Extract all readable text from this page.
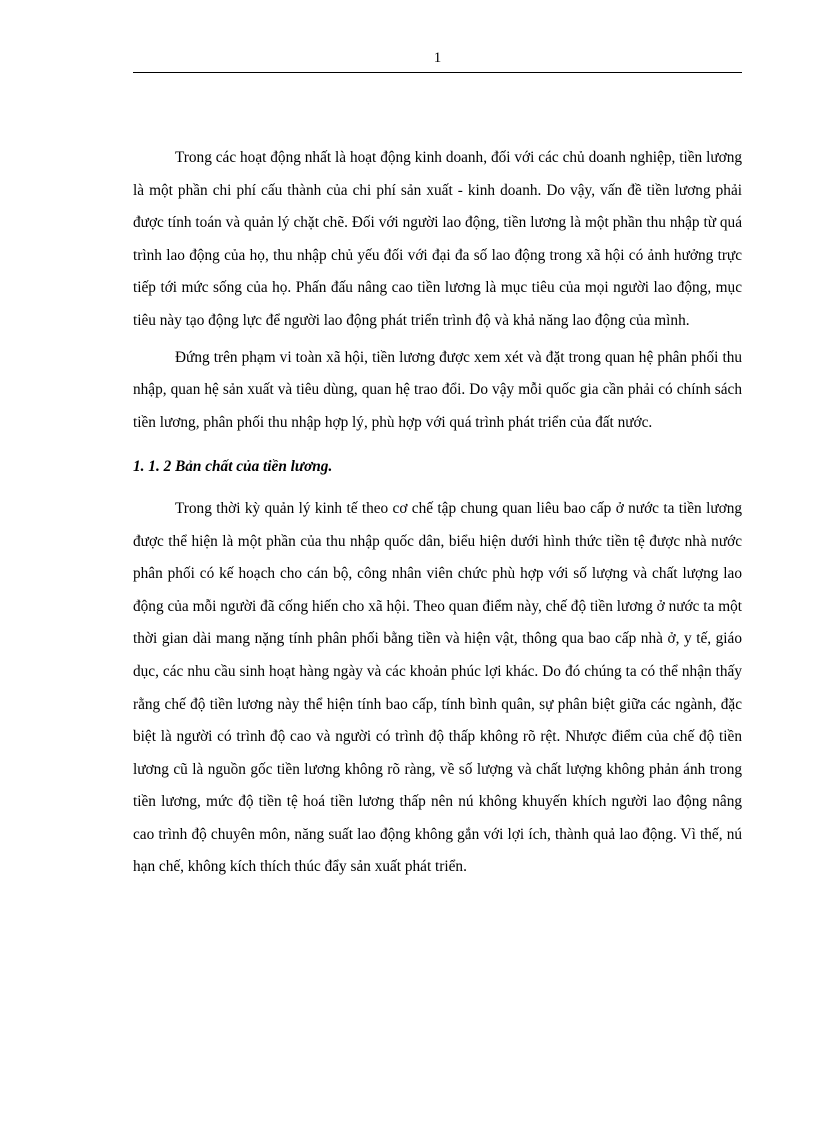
1

Trong các hoạt động nhất là hoạt động kinh doanh, đối với các chủ doanh nghiệp, tiền lương là một phần chi phí cấu thành của chi phí sản xuất - kinh doanh. Do vậy, vấn đề tiền lương phải được tính toán và quản lý chặt chẽ. Đối với người lao động, tiền lương là một phần thu nhập từ quá trình lao động của họ, thu nhập chủ yếu đối với đại đa số lao động trong xã hội có ảnh hưởng trực tiếp tới mức sống của họ. Phấn đấu nâng cao tiền lương là mục tiêu của mọi người lao động, mục tiêu này tạo động lực để người lao động phát triển trình độ và khả năng lao động của mình.

Đứng trên phạm vi toàn xã hội, tiền lương được xem xét và đặt trong quan hệ phân phối thu nhập, quan hệ sản xuất và tiêu dùng, quan hệ trao đổi. Do vậy mỗi quốc gia cần phải có chính sách tiền lương, phân phối thu nhập hợp lý, phù hợp với quá trình phát triển của đất nước.

1. 1. 2 Bản chất của tiền lương.

Trong thời kỳ quản lý kinh tế theo cơ chế tập chung quan liêu bao cấp ở nước ta tiền lương được thể hiện là một phần của thu nhập quốc dân, biểu hiện dưới hình thức tiền tệ được nhà nước phân phối có kế hoạch cho cán bộ, công nhân viên chức phù hợp với số lượng và chất lượng lao động của mỗi người đã cống hiến cho xã hội. Theo quan điểm này, chế độ tiền lương ở nước ta một thời gian dài mang nặng tính phân phối bằng tiền và hiện vật, thông qua bao cấp nhà ở, y tế, giáo dục, các nhu cầu sinh hoạt hàng ngày và các khoản phúc lợi khác. Do đó chúng ta có thể nhận thấy rằng chế độ tiền lương này thể hiện tính bao cấp, tính bình quân, sự phân biệt giữa các ngành, đặc biệt là người có trình độ cao và người có trình độ thấp không rõ rệt. Nhược điểm của chế độ tiền lương cũ là nguồn gốc tiền lương không rõ ràng, về số lượng và chất lượng không phản ánh trong tiền lương, mức độ tiền tệ hoá tiền lương thấp nên nú không khuyến khích người lao động nâng cao trình độ chuyên môn, năng suất lao động không gắn với lợi ích, thành quả lao động. Vì thế, nú hạn chế, không kích thích thúc đẩy sản xuất phát triển.
